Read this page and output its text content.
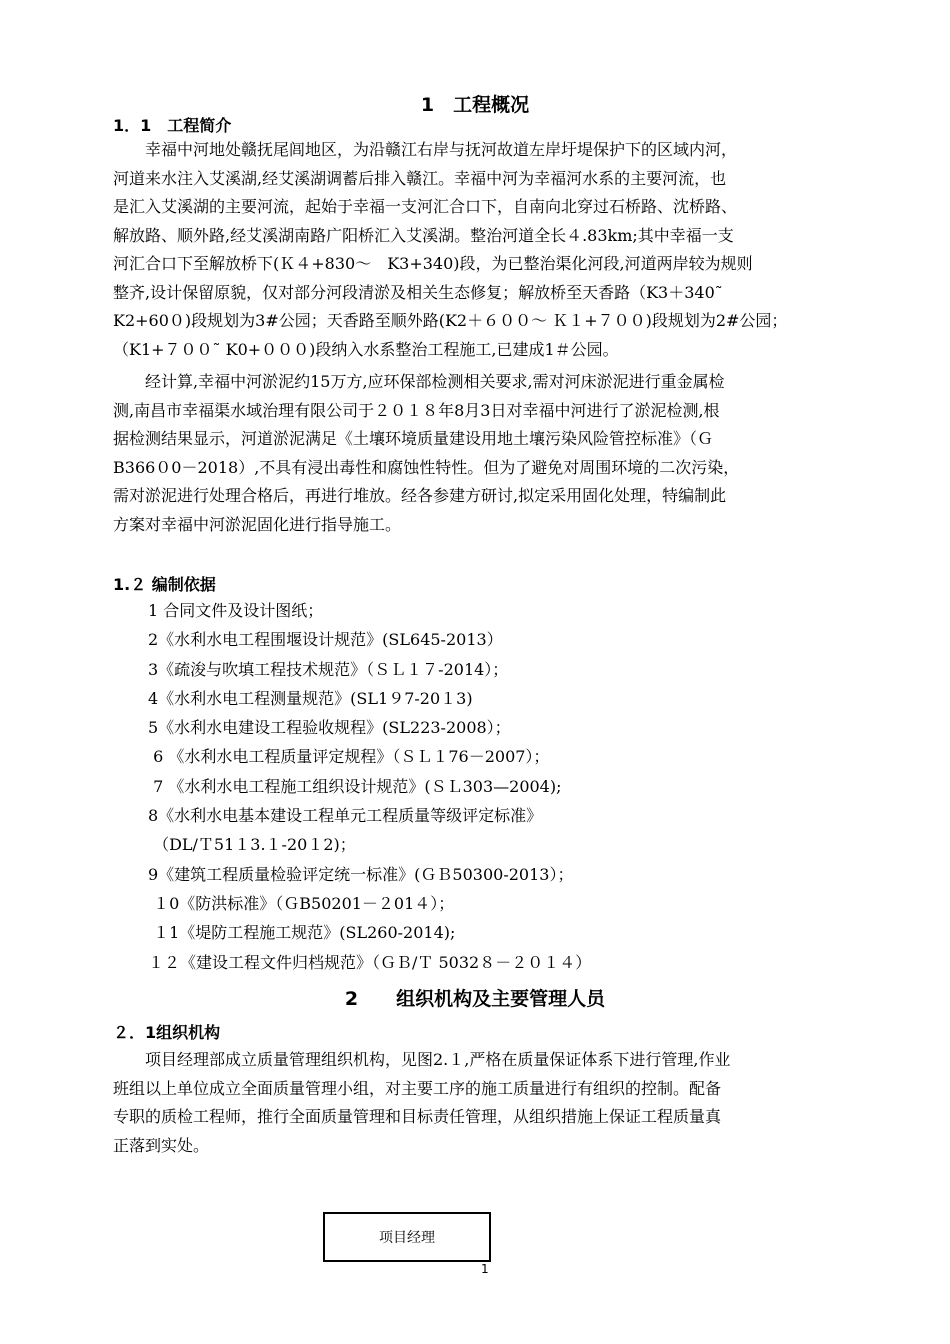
1　工程概况
1．1　工程简介
　　幸福中河地处赣抚尾闾地区，为沿赣江右岸与抚河故道左岸圩堤保护下的区域内河，
河道来水注入艾溪湖,经艾溪湖调蓄后排入赣江。幸福中河为幸福河水系的主要河流，也
是汇入艾溪湖的主要河流，起始于幸福一支河汇合口下，自南向北穿过石桥路、沈桥路、
解放路、顺外路,经艾溪湖南路广阳桥汇入艾溪湖。整治河道全长４.83km;其中幸福一支
河汇合口下至解放桥下(Ｋ４+830～　K3+340)段，为已整治渠化河段,河道两岸较为规则
整齐,设计保留原貌，仅对部分河段清淤及相关生态修复；解放桥至天香路（K3＋340˜
K2+60０)段规划为3#公园；天香路至顺外路(K2＋６００～ Ｋ１+７００)段规划为2#公园；
（K1+７００˜ K0+０００)段纳入水系整治工程施工,已建成1＃公园。
　　经计算,幸福中河淤泥约15万方,应环保部检测相关要求,需对河床淤泥进行重金属检
测,南昌市幸福渠水域治理有限公司于２０１８年8月3日对幸福中河进行了淤泥检测,根
据检测结果显示，河道淤泥满足《土壤环境质量建设用地土壤污染风险管控标准》（Ｇ
B366０0－2018）,不具有浸出毒性和腐蚀性特性。但为了避免对周围环境的二次污染，
需对淤泥进行处理合格后，再进行堆放。经各参建方研讨,拟定采用固化处理，特编制此
方案对幸福中河淤泥固化进行指导施工。
1.２ 编制依据
1 合同文件及设计图纸；
2《水利水电工程围堰设计规范》(SL645-2013）
3《疏浚与吹填工程技术规范》（ＳＬ１７-2014）；
4《水利水电工程测量规范》(SL1９7-20１3)
5《水利水电建设工程验收规程》(SL223-2008）；
6 《水利水电工程质量评定规程》（ＳＬ１76－2007）；
7 《水利水电工程施工组织设计规范》(ＳＬ303—2004);
8《水利水电基本建设工程单元工程质量等级评定标准》
（DL/Ｔ51１3.１-20１2)；
9《建筑工程质量检验评定统一标准》(ＧＢ50300-2013）；
１0《防洪标准》（ＧB50201－２01４）；
１1《堤防工程施工规范》(SL260-2014);
１２《建设工程文件归档规范》（ＧＢ/Ｔ 5032８－２０１４）
2　　组织机构及主要管理人员
２．1组织机构
　　项目经理部成立质量管理组织机构，见图2.１,严格在质量保证体系下进行管理,作业
班组以上单位成立全面质量管理小组，对主要工序的施工质量进行有组织的控制。配备
专职的质检工程师，推行全面质量管理和目标责任管理，从组织措施上保证工程质量真
正落到实处。
项目经理
1
